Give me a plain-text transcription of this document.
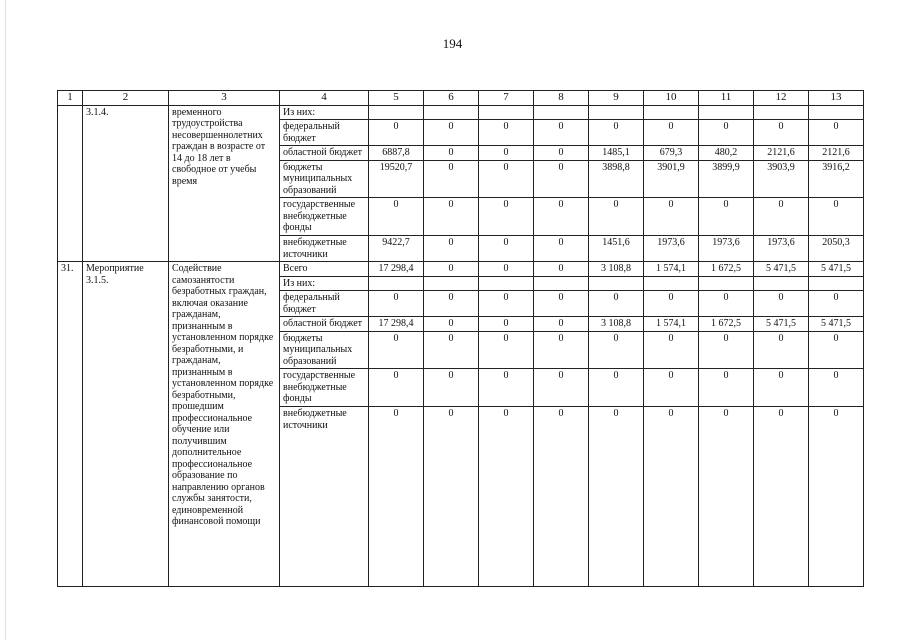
194
1	2	3	4	5	6	7	8	9	10	11	12	13
	3.1.4.	временного трудоустройства несовершеннолетних граждан в возрасте от 14 до 18 лет в свободное от учебы время	Из них:									
			федеральный бюджет	0	0	0	0	0	0	0	0	0
			областной бюджет	6887,8	0	0	0	1485,1	679,3	480,2	2121,6	2121,6
			бюджеты муниципальных образований	19520,7	0	0	0	3898,8	3901,9	3899,9	3903,9	3916,2
			государственные внебюджетные фонды	0	0	0	0	0	0	0	0	0
			внебюджетные источники	9422,7	0	0	0	1451,6	1973,6	1973,6	1973,6	2050,3
31.	Мероприятие 3.1.5.	Содействие самозанятости безработных граждан, включая оказание гражданам, признанным в установленном порядке безработными, и гражданам, признанным в установленном порядке безработными, прошедшим профессиональное обучение или получившим дополнительное профессиональное образование по направлению органов службы занятости, единовременной финансовой помощи	Всего	17 298,4	0	0	0	3 108,8	1 574,1	1 672,5	5 471,5	5 471,5
			Из них:									
			федеральный бюджет	0	0	0	0	0	0	0	0	0
			областной бюджет	17 298,4	0	0	0	3 108,8	1 574,1	1 672,5	5 471,5	5 471,5
			бюджеты муниципальных образований	0	0	0	0	0	0	0	0	0
			государственные внебюджетные фонды	0	0	0	0	0	0	0	0	0
			внебюджетные источники	0	0	0	0	0	0	0	0	0
